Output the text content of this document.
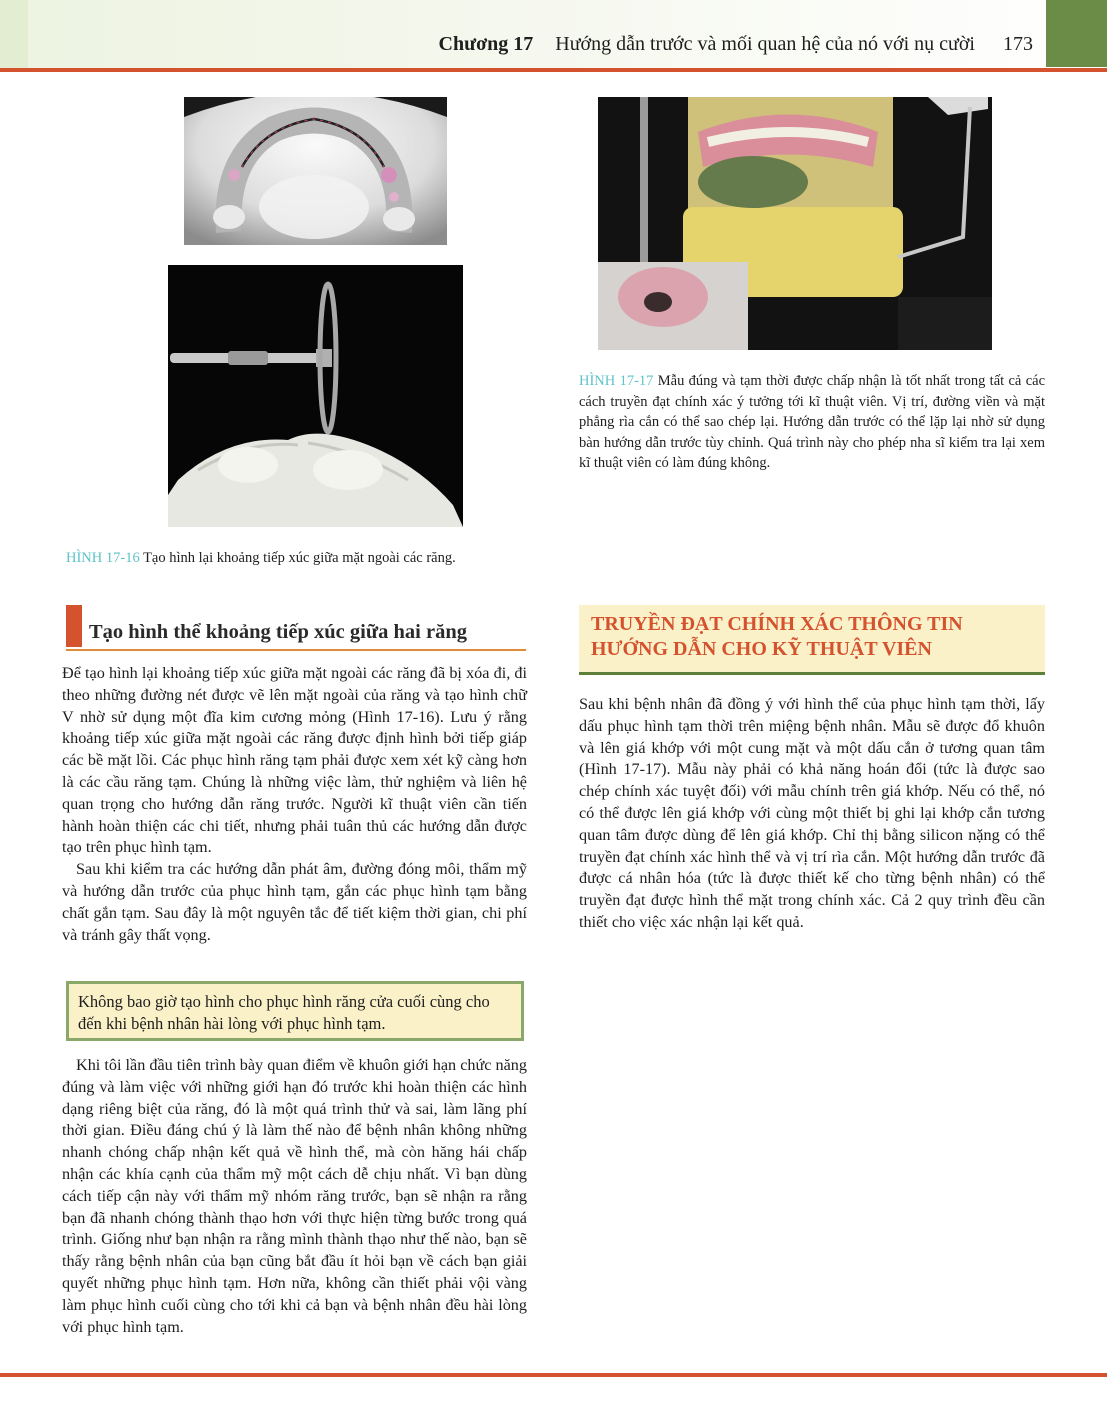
Chương 17 Hướng dẫn trước và mối quan hệ của nó với nụ cười 173
HÌNH 17-16 Tạo hình lại khoảng tiếp xúc giữa mặt ngoài các răng.
HÌNH 17-17 Mẫu đúng và tạm thời được chấp nhận là tốt nhất trong tất cả các cách truyền đạt chính xác ý tưởng tới kĩ thuật viên. Vị trí, đường viền và mặt phẳng rìa cắn có thể sao chép lại. Hướng dẫn trước có thể lặp lại nhờ sử dụng bàn hướng dẫn trước tùy chỉnh. Quá trình này cho phép nha sĩ kiểm tra lại xem kĩ thuật viên có làm đúng không.
Tạo hình thể khoảng tiếp xúc giữa hai răng

Để tạo hình lại khoảng tiếp xúc giữa mặt ngoài các răng đã bị xóa đi, đi theo những đường nét được vẽ lên mặt ngoài của răng và tạo hình chữ V nhờ sử dụng một đĩa kim cương mỏng (Hình 17-16). Lưu ý rằng khoảng tiếp xúc giữa mặt ngoài các răng được định hình bởi tiếp giáp các bề mặt lồi. Các phục hình răng tạm phải được xem xét kỹ càng hơn là các cầu răng tạm. Chúng là những việc làm, thử nghiệm và liên hệ quan trọng cho hướng dẫn răng trước. Người kĩ thuật viên cần tiến hành hoàn thiện các chi tiết, nhưng phải tuân thủ các hướng dẫn được tạo trên phục hình tạm.

Sau khi kiểm tra các hướng dẫn phát âm, đường đóng môi, thẩm mỹ và hướng dẫn trước của phục hình tạm, gắn các phục hình tạm bằng chất gắn tạm. Sau đây là một nguyên tắc để tiết kiệm thời gian, chi phí và tránh gây thất vọng.

Không bao giờ tạo hình cho phục hình răng cửa cuối cùng cho đến khi bệnh nhân hài lòng với phục hình tạm.

Khi tôi lần đầu tiên trình bày quan điểm về khuôn giới hạn chức năng đúng và làm việc với những giới hạn đó trước khi hoàn thiện các hình dạng riêng biệt của răng, đó là một quá trình thử và sai, làm lãng phí thời gian. Điều đáng chú ý là làm thế nào để bệnh nhân không những nhanh chóng chấp nhận kết quả về hình thể, mà còn hăng hái chấp nhận các khía cạnh của thẩm mỹ một cách dễ chịu nhất. Vì bạn dùng cách tiếp cận này với thẩm mỹ nhóm răng trước, bạn sẽ nhận ra rằng bạn đã nhanh chóng thành thạo hơn với thực hiện từng bước trong quá trình. Giống như bạn nhận ra rằng mình thành thạo như thế nào, bạn sẽ thấy rằng bệnh nhân của bạn cũng bắt đầu ít hỏi bạn về cách bạn giải quyết những phục hình tạm. Hơn nữa, không cần thiết phải vội vàng làm phục hình cuối cùng cho tới khi cả bạn và bệnh nhân đều hài lòng với phục hình tạm.

TRUYỀN ĐẠT CHÍNH XÁC THÔNG TIN
HƯỚNG DẪN CHO KỸ THUẬT VIÊN

Sau khi bệnh nhân đã đồng ý với hình thể của phục hình tạm thời, lấy dấu phục hình tạm thời trên miệng bệnh nhân. Mẫu sẽ được đổ khuôn và lên giá khớp với một cung mặt và một dấu cắn ở tương quan tâm (Hình 17-17). Mẫu này phải có khả năng hoán đổi (tức là được sao chép chính xác tuyệt đối) với mẫu chính trên giá khớp. Nếu có thể, nó có thể được lên giá khớp với cùng một thiết bị ghi lại khớp cắn tương quan tâm được dùng để lên giá khớp. Chỉ thị bằng silicon nặng có thể truyền đạt chính xác hình thể và vị trí rìa cắn. Một hướng dẫn trước đã được cá nhân hóa (tức là được thiết kế cho từng bệnh nhân) có thể truyền đạt được hình thể mặt trong chính xác. Cả 2 quy trình đều cần thiết cho việc xác nhận lại kết quả.
